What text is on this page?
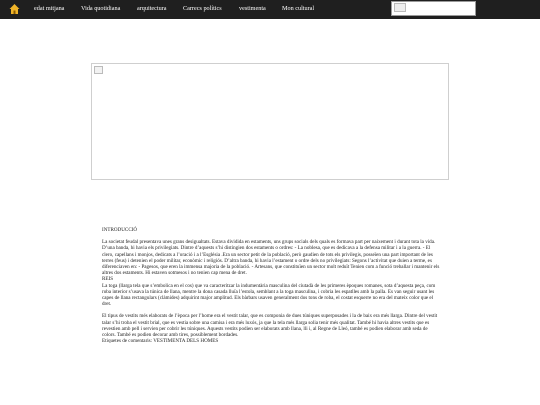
edat mitjana	Vida quotidiana	arquitectura	Carrecs polítics	vestimenta	Mon cultural

INTRODUCCIÓ

La societat feudal presentava unes grans desigualtats. Estava dividida en estaments, uns grups socials dels quals es formava part per naixement i durant tota la vida. D’una banda, hi havia els privilegiats. Dintre d’aquests s’hi distingien dos estaments o ordres: - La noblesa, que es dedicava a la defensa militar i a la guerra. - El clero, capellans i monjos, dedicats a l’oració i a l’Església .Era un sector petit de la població, però gaudien de tots els privilegis, posseïen una part important de les terres (feus) i detenien el poder militar, econòmic i religiós. D’altra banda, hi havia l’estament o ordre dels no privilegiats: Segons l’activitat que duien a terme, es diferenciaven en: - Pagesos, que eren la immensa majoria de la població. - Artesans, que constituïen un sector molt reduït Tenien com a funció treballar i mantenir els altres dos estaments. Hi estaven sotmesos i no tenien cap mena de dret.

REIS

La toga (llarga tela que s’embolica en el cos) que va caracteritzar la indumentària masculina del ciutadà de les primeres èpoques romanes, sota d’aquesta peça, com roba interior s’usava la túnica de llana, mentre la dona casada lluïa l’estola, semblant a la toga masculina, i cobria les espatlles amb la palla. Es van seguir usant les capes de llana rectangulars (clàmides) adquirint major amplitud. Els bàrbars usaven generalment dos tons de roba, el costat esquerre no era del mateix color que el dret.

El tipus de vestits més elaborats de l’època per l’home era el vestit talar, que es componia de dues túniques superposades i la de baix era més llarga. Dintre del vestit talar s’hi troba el vestit brial, que es vestia sobre una camisa i era més luxós, ja que la tela més llarga solia tenir més qualitat. També hi havia altres vestits que es revestien amb pell i servien per cobrir les túniques. Aquests vestits podien ser elaborats amb llana, lli i, al Regne de Lleó, també es podien elaborar amb seda de colors. També es podien decorar amb tires, possiblement bordades.

Etiquetes de comentaris: VESTIMENTA DELS HOMES
